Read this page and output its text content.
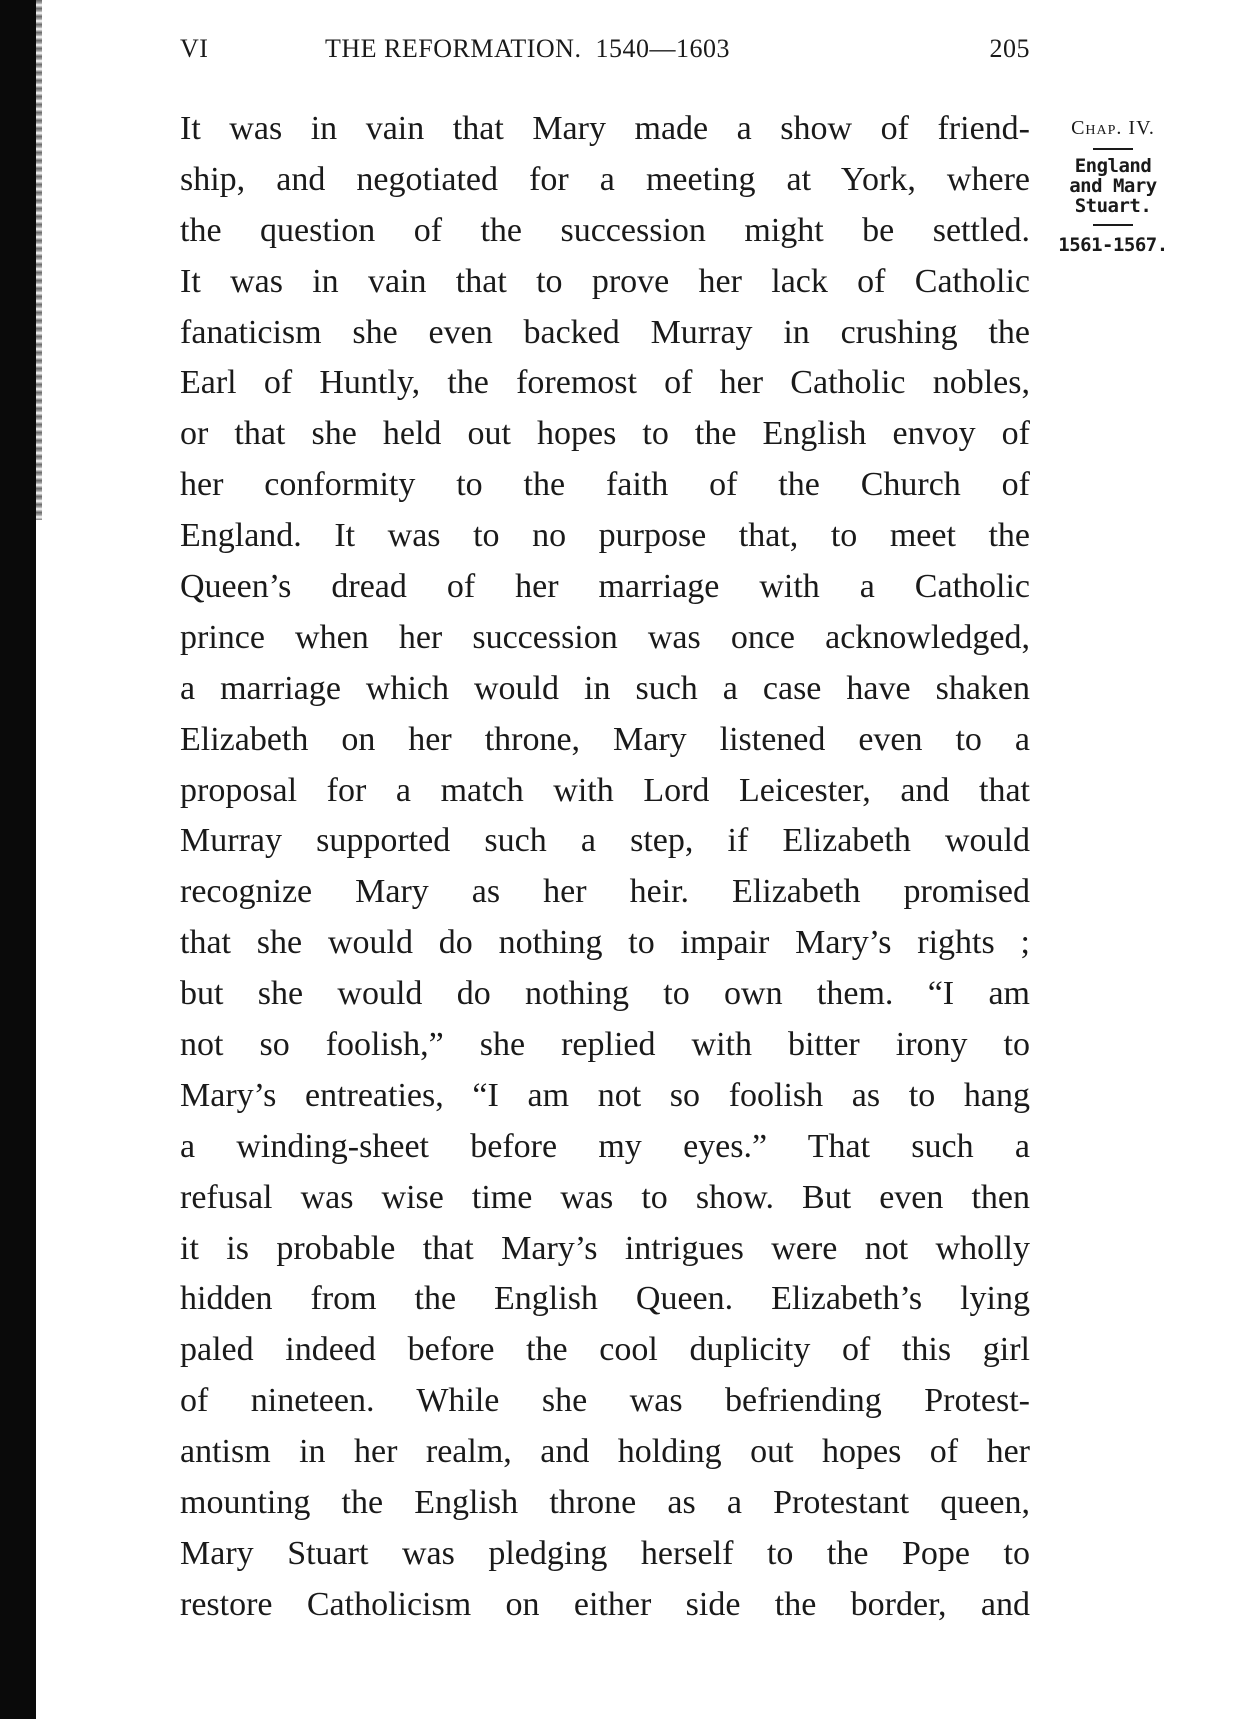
VI	THE REFORMATION.  1540—1603	205
Chap. IV.
England
and Mary
Stuart.
1561-1567.

It was in vain that Mary made a show of friend-
ship, and negotiated for a meeting at York, where
the question of the succession might be settled.
It was in vain that to prove her lack of Catholic
fanaticism she even backed Murray in crushing the
Earl of Huntly, the foremost of her Catholic nobles,
or that she held out hopes to the English envoy of
her conformity to the faith of the Church of
England. It was to no purpose that, to meet the
Queen’s dread of her marriage with a Catholic
prince when her succession was once acknowledged,
a marriage which would in such a case have shaken
Elizabeth on her throne, Mary listened even to a
proposal for a match with Lord Leicester, and that
Murray supported such a step, if Elizabeth would
recognize Mary as her heir. Elizabeth promised
that she would do nothing to impair Mary’s rights ;
but she would do nothing to own them. “I am
not so foolish,” she replied with bitter irony to
Mary’s entreaties, “I am not so foolish as to hang
a winding-sheet before my eyes.” That such a
refusal was wise time was to show. But even then
it is probable that Mary’s intrigues were not wholly
hidden from the English Queen. Elizabeth’s lying
paled indeed before the cool duplicity of this girl
of nineteen. While she was befriending Protest-
antism in her realm, and holding out hopes of her
mounting the English throne as a Protestant queen,
Mary Stuart was pledging herself to the Pope to
restore Catholicism on either side the border, and
